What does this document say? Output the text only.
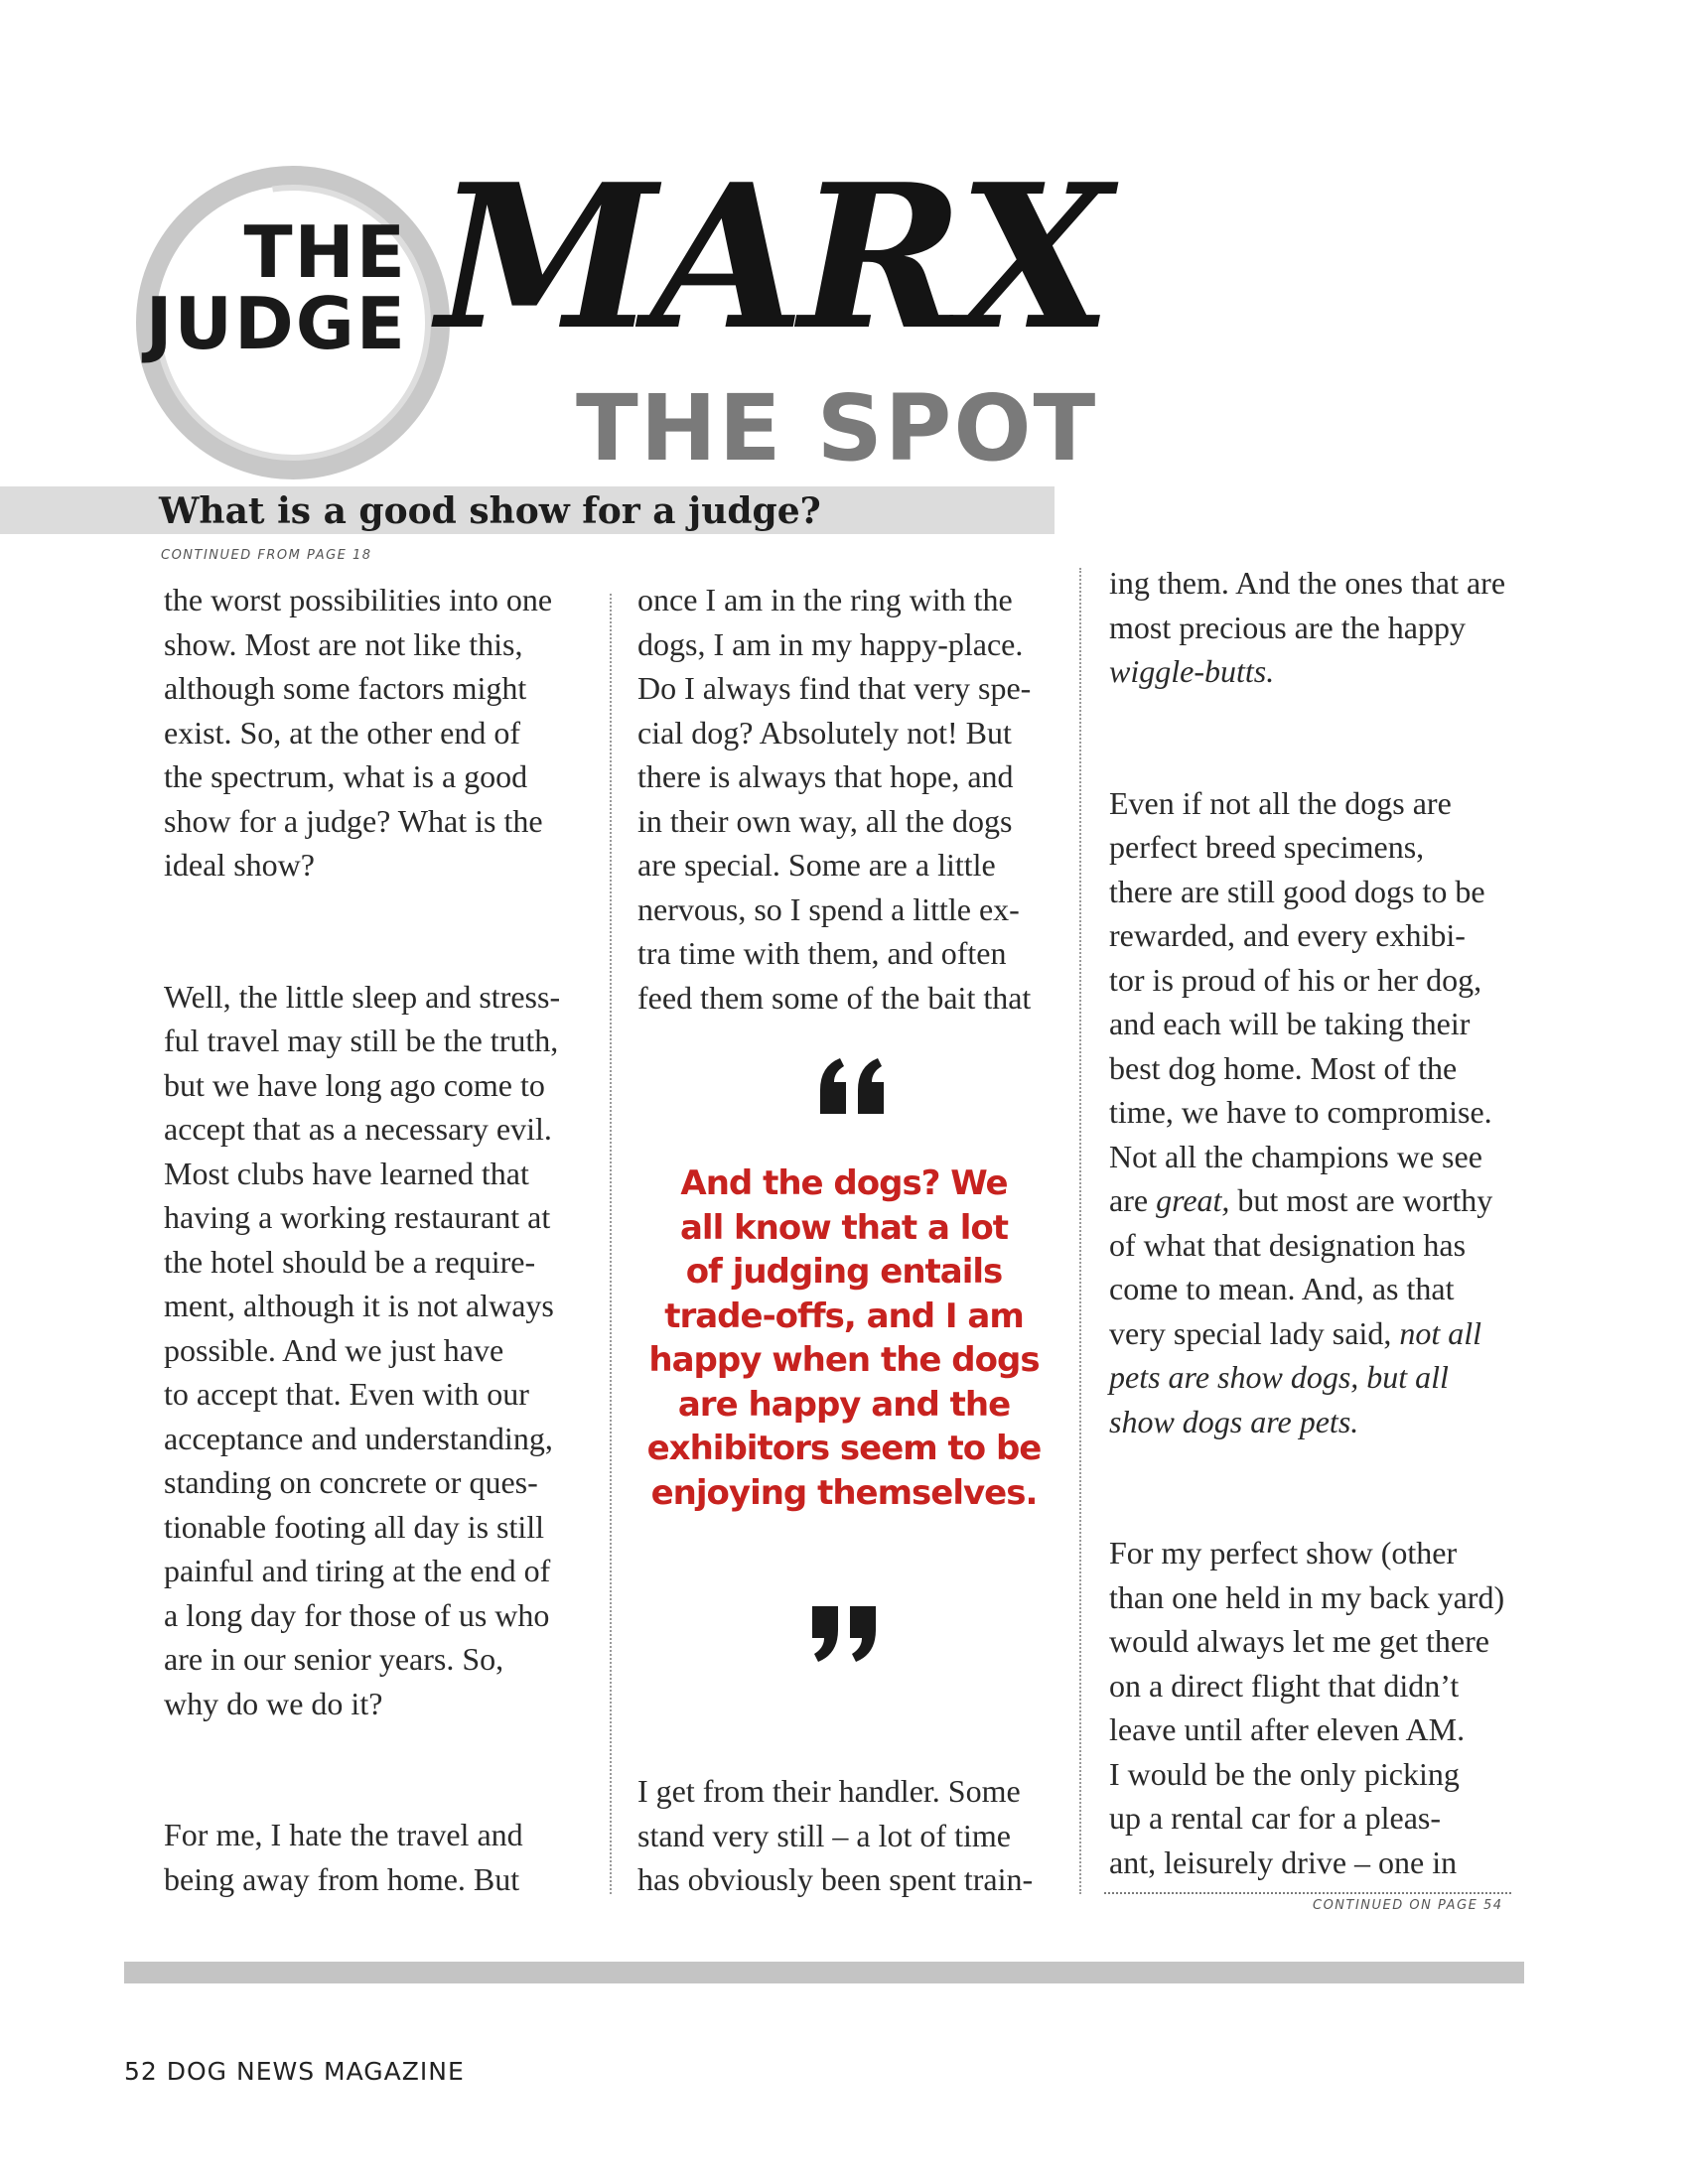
THE
JUDGE MARX
THE SPOT
What is a good show for a judge?
CONTINUED FROM PAGE 18

the worst possibilities into one

show. Most are not like this,

although some factors might

exist. So, at the other end of

the spectrum, what is a good

show for a judge? What is the

ideal show?

Well, the little sleep and stress-

ful travel may still be the truth,

but we have long ago come to

accept that as a necessary evil.

Most clubs have learned that

having a working restaurant at

the hotel should be a require-

ment, although it is not always

possible. And we just have

to accept that. Even with our

acceptance and understanding,

standing on concrete or ques-

tionable footing all day is still

painful and tiring at the end of

a long day for those of us who

are in our senior years. So,

why do we do it?

For me, I hate the travel and

being away from home. But

once I am in the ring with the

dogs, I am in my happy-place.

Do I always find that very spe-

cial dog? Absolutely not! But

there is always that hope, and

in their own way, all the dogs

are special. Some are a little

nervous, so I spend a little ex-

tra time with them, and often

feed them some of the bait that

And the dogs? We

all know that a lot

of judging entails

trade-offs, and I am

happy when the dogs

are happy and the

exhibitors seem to be

enjoying themselves.

I get from their handler. Some

stand very still – a lot of time

has obviously been spent train-

ing them. And the ones that are

most precious are the happy

wiggle-butts.

Even if not all the dogs are

perfect breed specimens,

there are still good dogs to be

rewarded, and every exhibi-

tor is proud of his or her dog,

and each will be taking their

best dog home. Most of the

time, we have to compromise.

Not all the champions we see

are great, but most are worthy

of what that designation has

come to mean. And, as that

very special lady said, not all

pets are show dogs, but all

show dogs are pets.

For my perfect show (other

than one held in my back yard)

would always let me get there

on a direct flight that didn’t

leave until after eleven AM.

I would be the only picking

up a rental car for a pleas-

ant, leisurely drive – one in

CONTINUED ON PAGE 54
52 DOG NEWS MAGAZINE
